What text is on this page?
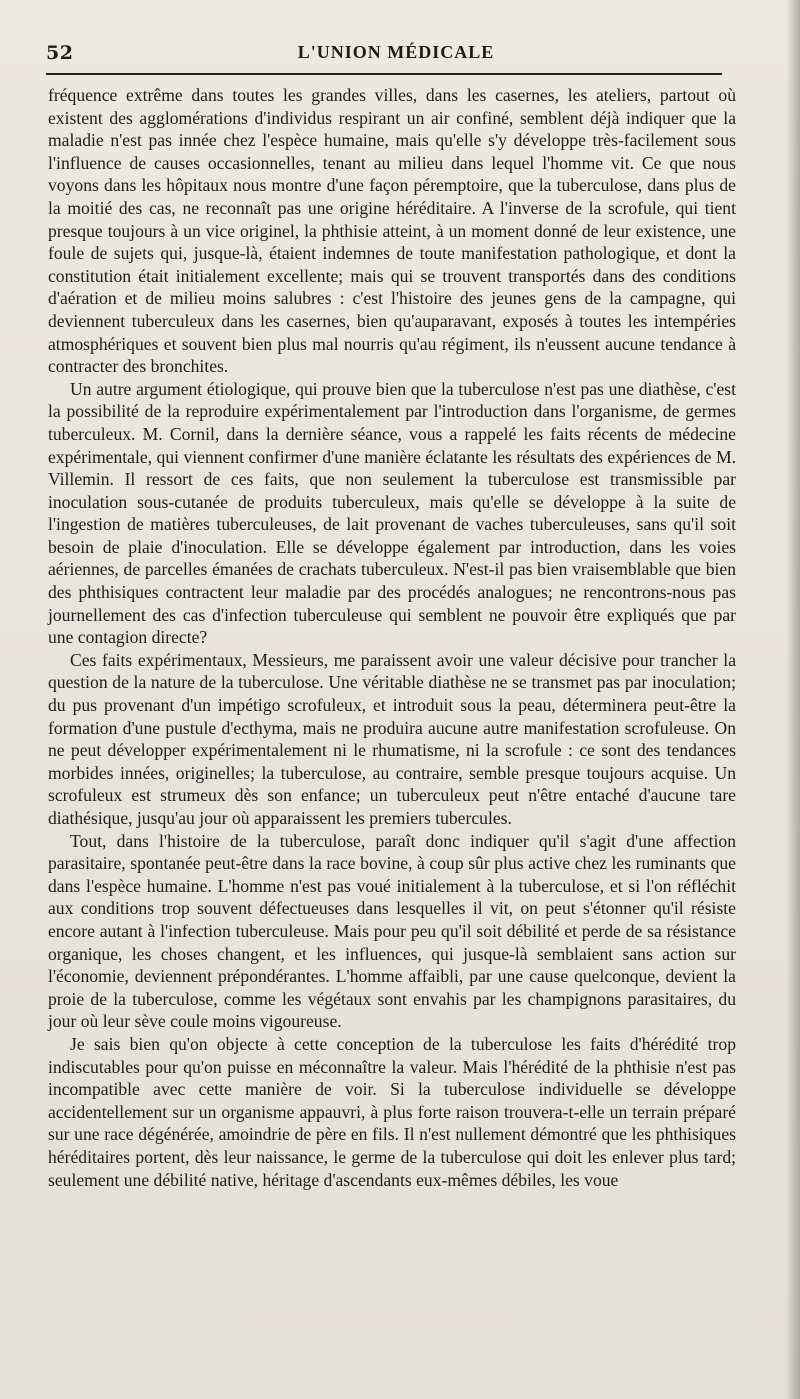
52	L'UNION MÉDICALE

fréquence extrême dans toutes les grandes villes, dans les casernes, les ateliers, partout où existent des agglomérations d'individus respirant un air confiné, semblent déjà indiquer que la maladie n'est pas innée chez l'espèce humaine, mais qu'elle s'y développe très-facilement sous l'influence de causes occasionnelles, tenant au milieu dans lequel l'homme vit. Ce que nous voyons dans les hôpitaux nous montre d'une façon péremptoire, que la tuberculose, dans plus de la moitié des cas, ne reconnaît pas une origine héréditaire. A l'inverse de la scrofule, qui tient presque toujours à un vice originel, la phthisie atteint, à un moment donné de leur existence, une foule de sujets qui, jusque-là, étaient indemnes de toute manifestation pathologique, et dont la constitution était initialement excellente; mais qui se trouvent transportés dans des conditions d'aération et de milieu moins salubres : c'est l'histoire des jeunes gens de la campagne, qui deviennent tuberculeux dans les casernes, bien qu'auparavant, exposés à toutes les intempéries atmosphériques et souvent bien plus mal nourris qu'au régiment, ils n'eussent aucune tendance à contracter des bronchites.

Un autre argument étiologique, qui prouve bien que la tuberculose n'est pas une diathèse, c'est la possibilité de la reproduire expérimentalement par l'introduction dans l'organisme, de germes tuberculeux. M. Cornil, dans la dernière séance, vous a rappelé les faits récents de médecine expérimentale, qui viennent confirmer d'une manière éclatante les résultats des expériences de M. Villemin. Il ressort de ces faits, que non seulement la tuberculose est transmissible par inoculation sous-cutanée de produits tuberculeux, mais qu'elle se développe à la suite de l'ingestion de matières tuberculeuses, de lait provenant de vaches tuberculeuses, sans qu'il soit besoin de plaie d'inoculation. Elle se développe également par introduction, dans les voies aériennes, de parcelles émanées de crachats tuberculeux. N'est-il pas bien vraisemblable que bien des phthisiques contractent leur maladie par des procédés analogues; ne rencontrons-nous pas journellement des cas d'infection tuberculeuse qui semblent ne pouvoir être expliqués que par une contagion directe?

Ces faits expérimentaux, Messieurs, me paraissent avoir une valeur décisive pour trancher la question de la nature de la tuberculose. Une véritable diathèse ne se transmet pas par inoculation; du pus provenant d'un impétigo scrofuleux, et introduit sous la peau, déterminera peut-être la formation d'une pustule d'ecthyma, mais ne produira aucune autre manifestation scrofuleuse. On ne peut développer expérimentalement ni le rhumatisme, ni la scrofule : ce sont des tendances morbides innées, originelles; la tuberculose, au contraire, semble presque toujours acquise. Un scrofuleux est strumeux dès son enfance; un tuberculeux peut n'être entaché d'aucune tare diathésique, jusqu'au jour où apparaissent les premiers tubercules.

Tout, dans l'histoire de la tuberculose, paraît donc indiquer qu'il s'agit d'une affection parasitaire, spontanée peut-être dans la race bovine, à coup sûr plus active chez les ruminants que dans l'espèce humaine. L'homme n'est pas voué initialement à la tuberculose, et si l'on réfléchit aux conditions trop souvent défectueuses dans lesquelles il vit, on peut s'étonner qu'il résiste encore autant à l'infection tuberculeuse. Mais pour peu qu'il soit débilité et perde de sa résistance organique, les choses changent, et les influences, qui jusque-là semblaient sans action sur l'économie, deviennent prépondérantes. L'homme affaibli, par une cause quelconque, devient la proie de la tuberculose, comme les végétaux sont envahis par les champignons parasitaires, du jour où leur sève coule moins vigoureuse.

Je sais bien qu'on objecte à cette conception de la tuberculose les faits d'hérédité trop indiscutables pour qu'on puisse en méconnaître la valeur. Mais l'hérédité de la phthisie n'est pas incompatible avec cette manière de voir. Si la tuberculose individuelle se développe accidentellement sur un organisme appauvri, à plus forte raison trouvera-t-elle un terrain préparé sur une race dégénérée, amoindrie de père en fils. Il n'est nullement démontré que les phthisiques héréditaires portent, dès leur naissance, le germe de la tuberculose qui doit les enlever plus tard; seulement une débilité native, héritage d'ascendants eux-mêmes débiles, les voue
